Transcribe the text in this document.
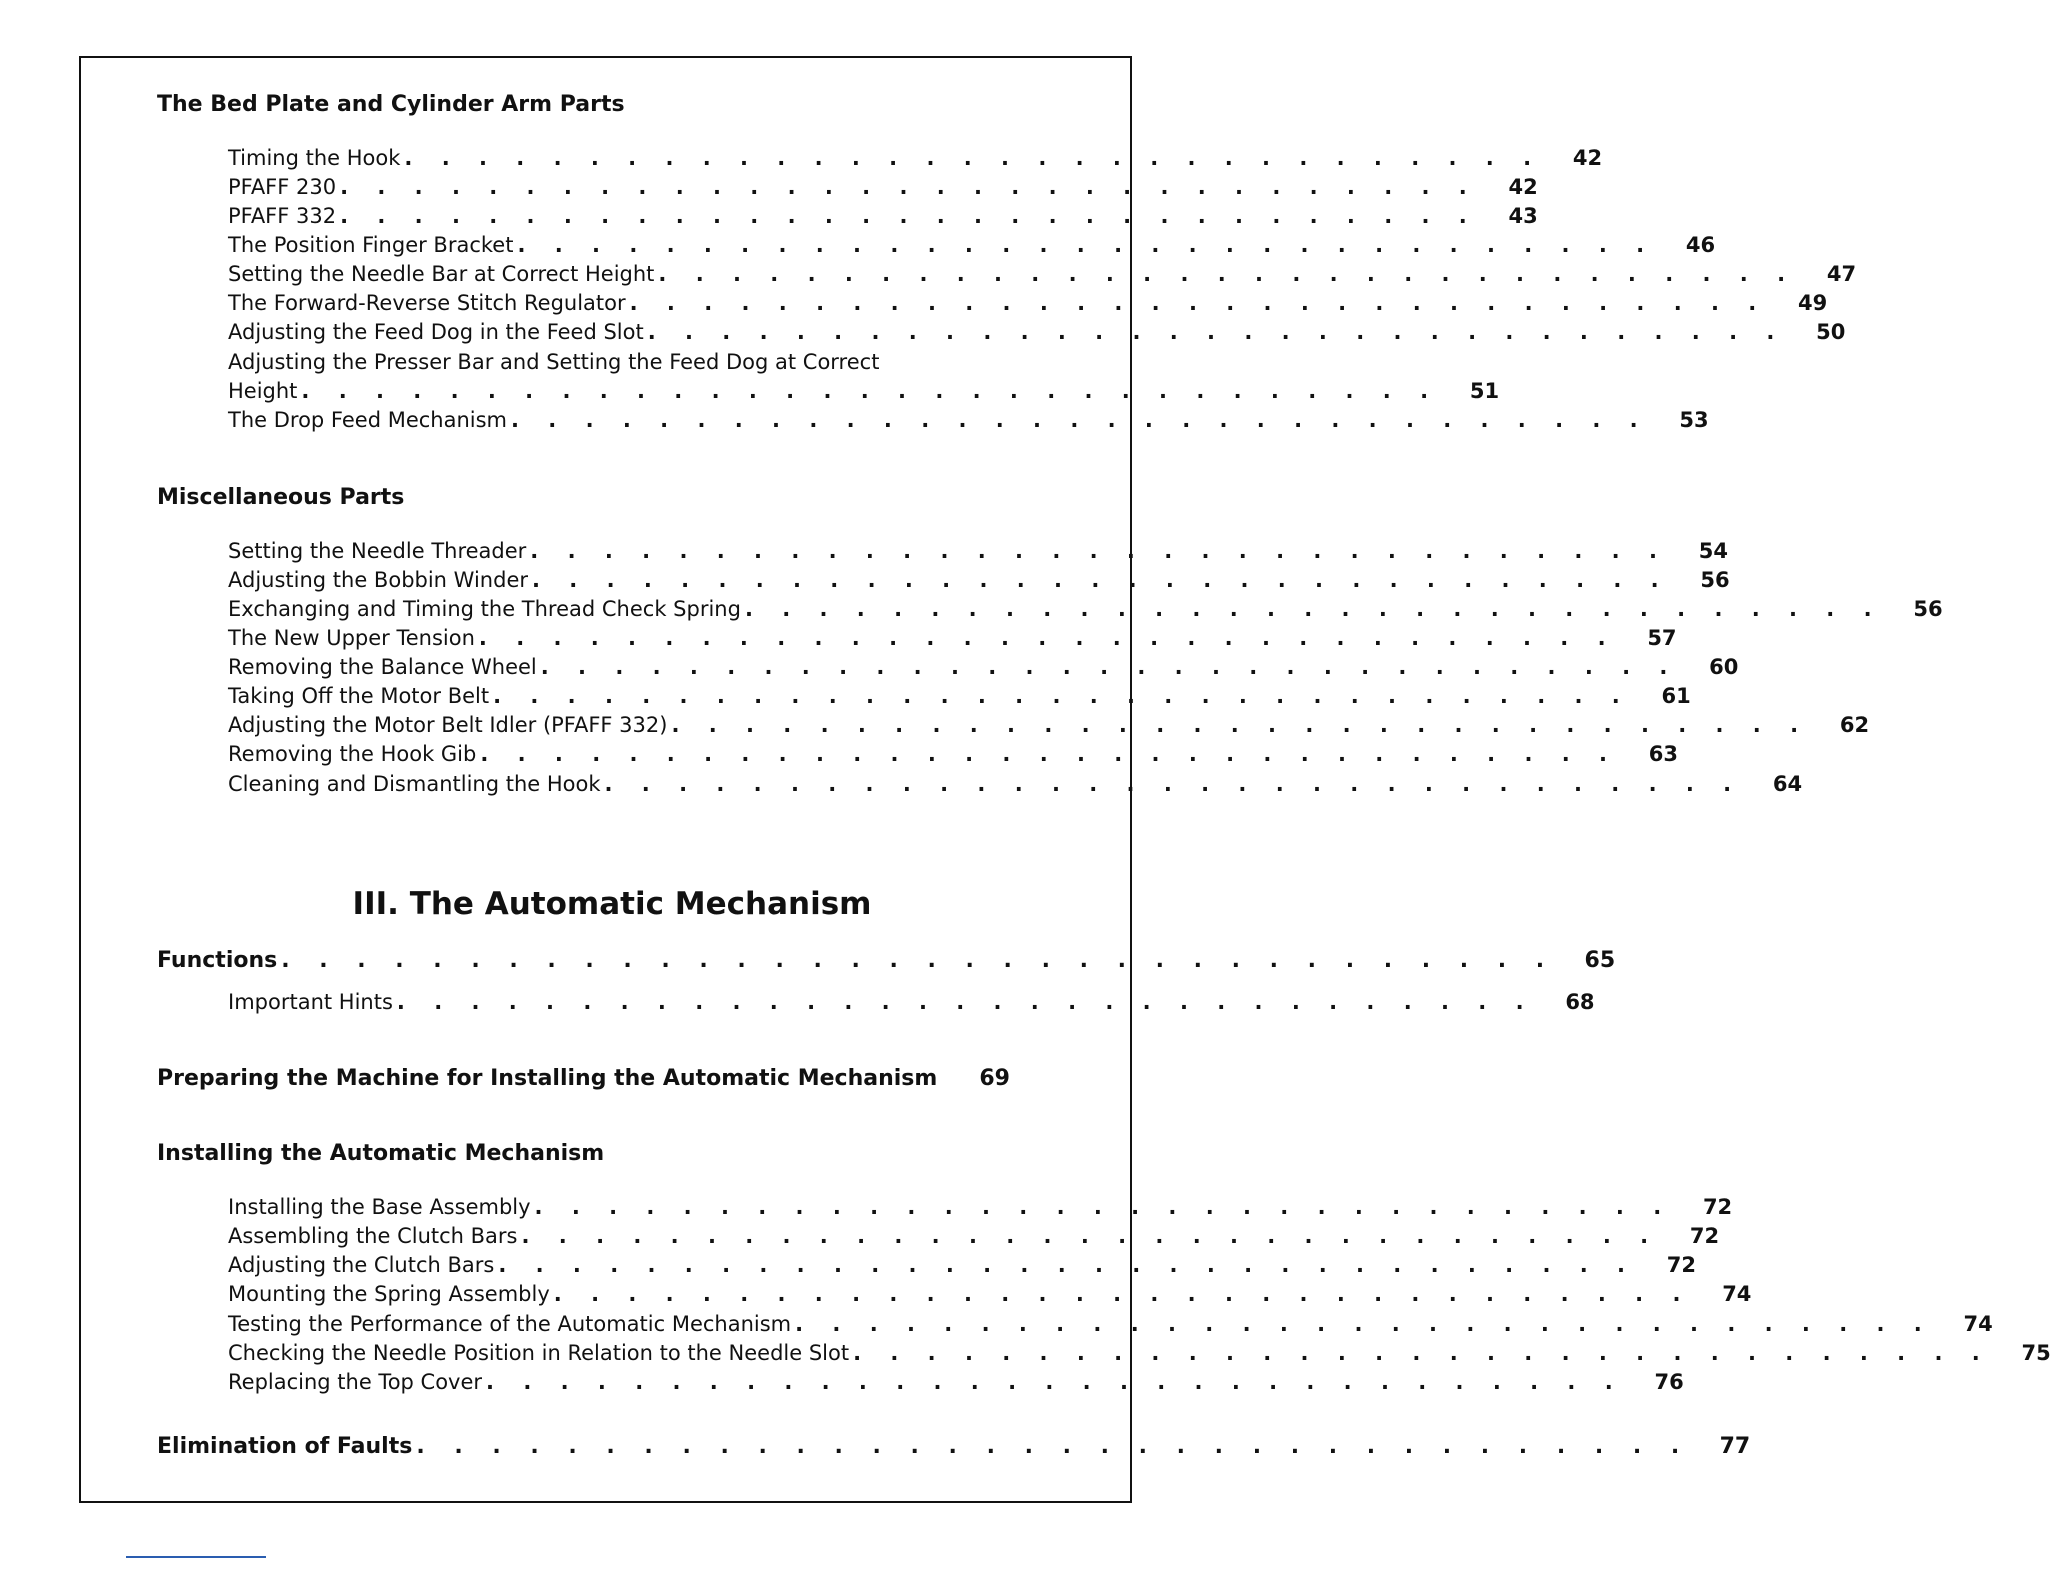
The Bed Plate and Cylinder Arm Parts
Timing the Hook . . . . . . . . . . . . . . . . . . . . . . . . . . . . . . .	42
PFAFF 230 . . . . . . . . . . . . . . . . . . . . . . . . . . . . . . .	42
PFAFF 332 . . . . . . . . . . . . . . . . . . . . . . . . . . . . . . .	43
The Position Finger Bracket . . . . . . . . . . . . . . . . . . . . . . . . . . . . . . .	46
Setting the Needle Bar at Correct Height . . . . . . . . . . . . . . . . . . . . . . . . . . . . . . .	47
The Forward-Reverse Stitch Regulator . . . . . . . . . . . . . . . . . . . . . . . . . . . . . . .	49
Adjusting the Feed Dog in the Feed Slot . . . . . . . . . . . . . . . . . . . . . . . . . . . . . . .	50
Adjusting the Presser Bar and Setting the Feed Dog at Correct
Height . . . . . . . . . . . . . . . . . . . . . . . . . . . . . . .	51
The Drop Feed Mechanism . . . . . . . . . . . . . . . . . . . . . . . . . . . . . . .	53
Miscellaneous Parts
Setting the Needle Threader . . . . . . . . . . . . . . . . . . . . . . . . . . . . . . .	54
Adjusting the Bobbin Winder . . . . . . . . . . . . . . . . . . . . . . . . . . . . . . .	56
Exchanging and Timing the Thread Check Spring . . . . . . . . . . . . . . . . . . . . . . . . . . . . . . .	56
The New Upper Tension . . . . . . . . . . . . . . . . . . . . . . . . . . . . . . .	57
Removing the Balance Wheel . . . . . . . . . . . . . . . . . . . . . . . . . . . . . . .	60
Taking Off the Motor Belt . . . . . . . . . . . . . . . . . . . . . . . . . . . . . . .	61
Adjusting the Motor Belt Idler (PFAFF 332) . . . . . . . . . . . . . . . . . . . . . . . . . . . . . . .	62
Removing the Hook Gib . . . . . . . . . . . . . . . . . . . . . . . . . . . . . . .	63
Cleaning and Dismantling the Hook . . . . . . . . . . . . . . . . . . . . . . . . . . . . . . .	64
III. The Automatic Mechanism
Functions . . . . . . . . . . . . . . . . . . . . . . . . . . . . . . . . . .	65
Important Hints . . . . . . . . . . . . . . . . . . . . . . . . . . . . . . .	68
Preparing the Machine for Installing the Automatic Mechanism	69
Installing the Automatic Mechanism
Installing the Base Assembly . . . . . . . . . . . . . . . . . . . . . . . . . . . . . . .	72
Assembling the Clutch Bars . . . . . . . . . . . . . . . . . . . . . . . . . . . . . . .	72
Adjusting the Clutch Bars . . . . . . . . . . . . . . . . . . . . . . . . . . . . . . .	72
Mounting the Spring Assembly . . . . . . . . . . . . . . . . . . . . . . . . . . . . . . .	74
Testing the Performance of the Automatic Mechanism . . . . . . . . . . . . . . . . . . . . . . . . . . . . . . .	74
Checking the Needle Position in Relation to the Needle Slot . . . . . . . . . . . . . . . . . . . . . . . . . . . . . . .	75
Replacing the Top Cover . . . . . . . . . . . . . . . . . . . . . . . . . . . . . . .	76
Elimination of Faults . . . . . . . . . . . . . . . . . . . . . . . . . . . . . . . . . .	77
